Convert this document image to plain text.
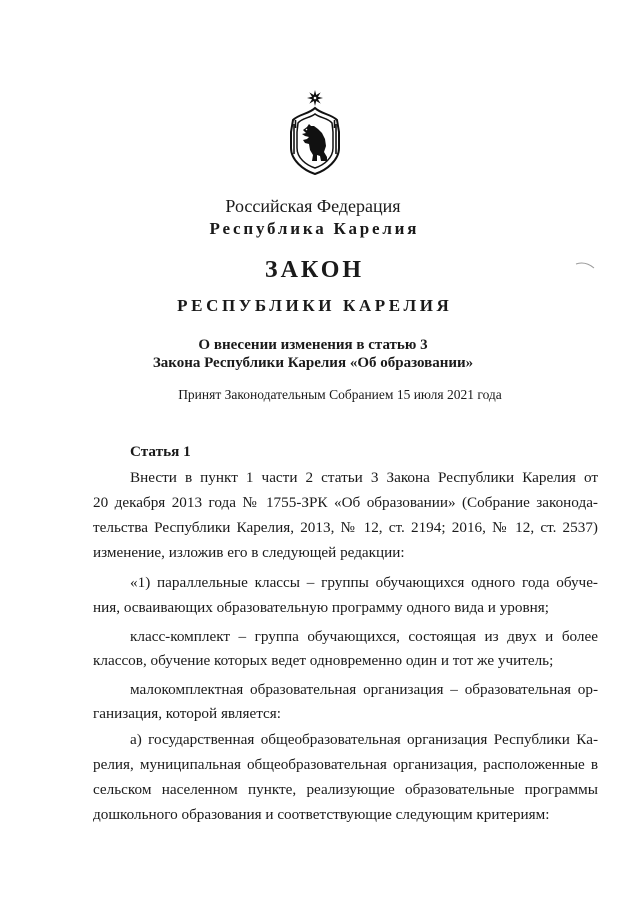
Российская Федерация
Республика Карелия
ЗАКОН
РЕСПУБЛИКИ КАРЕЛИЯ
О внесении изменения в статью 3
Закона Республики Карелия «Об образовании»
Принят Законодательным Собранием 15 июля 2021 года
Статья 1
Внести в пункт 1 части 2 статьи 3 Закона Республики Карелия от
20 декабря 2013 года № 1755-ЗРК «Об образовании» (Собрание законода-
тельства Республики Карелия, 2013, № 12, ст. 2194; 2016, № 12, ст. 2537)
изменение, изложив его в следующей редакции:
«1) параллельные классы – группы обучающихся одного года обуче-
ния, осваивающих образовательную программу одного вида и уровня;
класс-комплект – группа обучающихся, состоящая из двух и более
классов, обучение которых ведет одновременно один и тот же учитель;
малокомплектная образовательная организация – образовательная ор-
ганизация, которой является:
а) государственная общеобразовательная организация Республики Ка-
релия, муниципальная общеобразовательная организация, расположенные в
сельском населенном пункте, реализующие образовательные программы
дошкольного образования и соответствующие следующим критериям:
